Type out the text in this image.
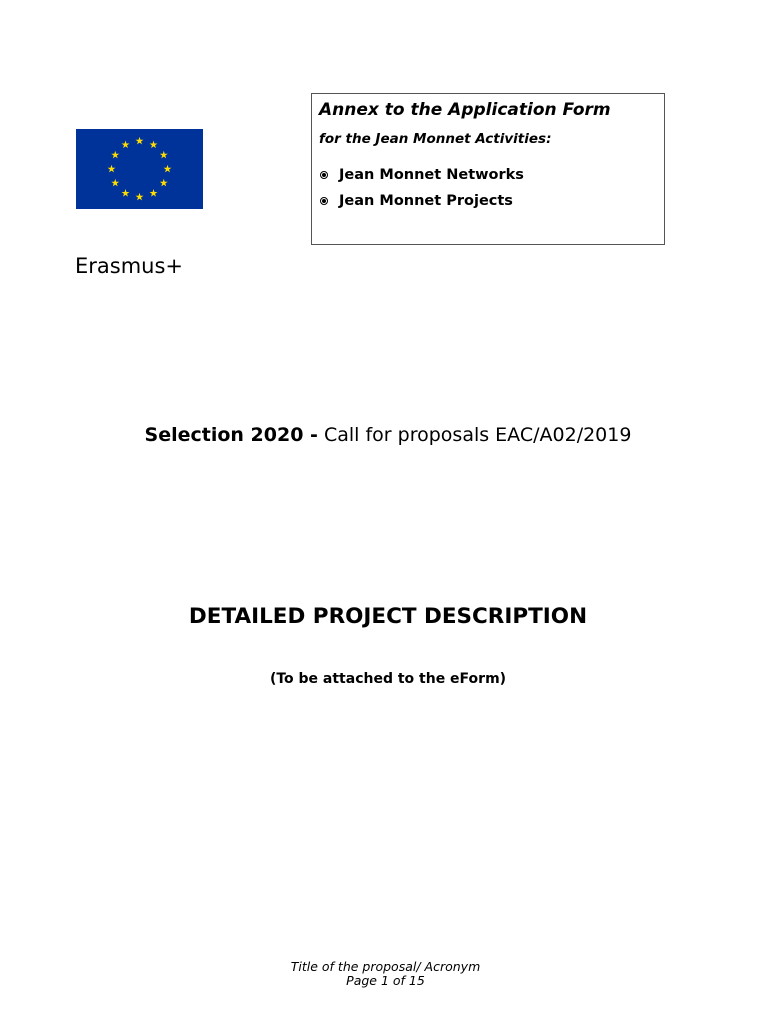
Erasmus+
Annex to the Application Form
for the Jean Monnet Activities:
Jean Monnet Networks
Jean Monnet Projects
Selection 2020 - Call for proposals EAC/A02/2019
DETAILED PROJECT DESCRIPTION
(To be attached to the eForm)
Title of the proposal/ Acronym
Page 1 of 15
